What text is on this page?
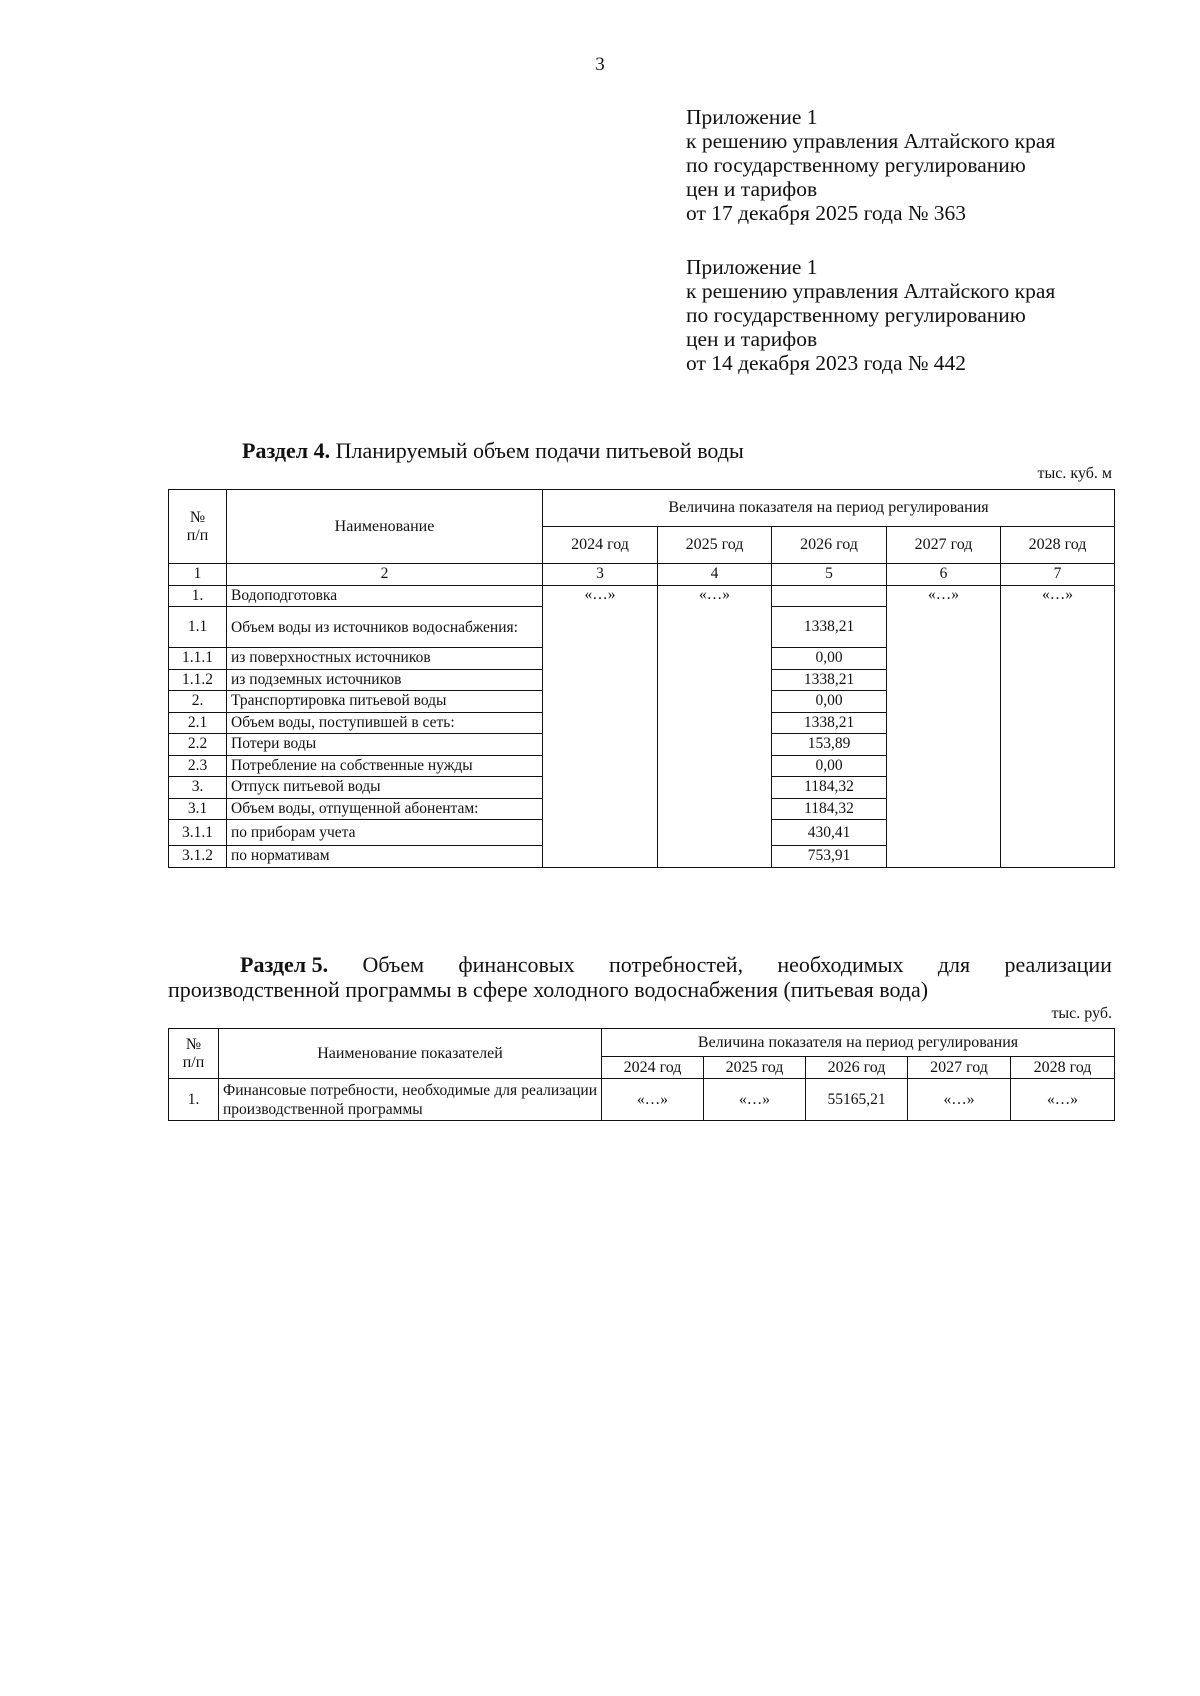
3
Приложение 1
к решению управления Алтайского края
по государственному регулированию
цен и тарифов
от 17 декабря 2025 года № 363
Приложение 1
к решению управления Алтайского края
по государственному регулированию
цен и тарифов
от 14 декабря 2023 года № 442
Раздел 4. Планируемый объем подачи питьевой воды
тыс. куб. м
№
п/п	Наименование	Величина показателя на период регулирования				
		2024 год	2025 год	2026 год	2027 год	2028 год
1	2	3	4	5	6	7
1.	Водоподготовка	«…»	«…»		«…»	«…»
1.1	Объем воды из источников водоснабжения:			1338,21		
1.1.1	из поверхностных источников			0,00		
1.1.2	из подземных источников			1338,21		
2.	Транспортировка питьевой воды			0,00		
2.1	Объем воды, поступившей в сеть:			1338,21		
2.2	Потери воды			153,89		
2.3	Потребление на собственные нужды			0,00		
3.	Отпуск питьевой воды			1184,32		
3.1	Объем воды, отпущенной абонентам:			1184,32		
3.1.1	по приборам учета			430,41		
3.1.2	по нормативам			753,91		
Раздел 5. Объем финансовых потребностей, необходимых для реализации
производственной программы в сфере холодного водоснабжения (питьевая вода)
тыс. руб.
№
п/п	Наименование показателей	Величина показателя на период регулирования				
		2024 год	2025 год	2026 год	2027 год	2028 год
1.	Финансовые потребности, необходимые для реализации производственной программы	«…»	«…»	55165,21	«…»	«…»
